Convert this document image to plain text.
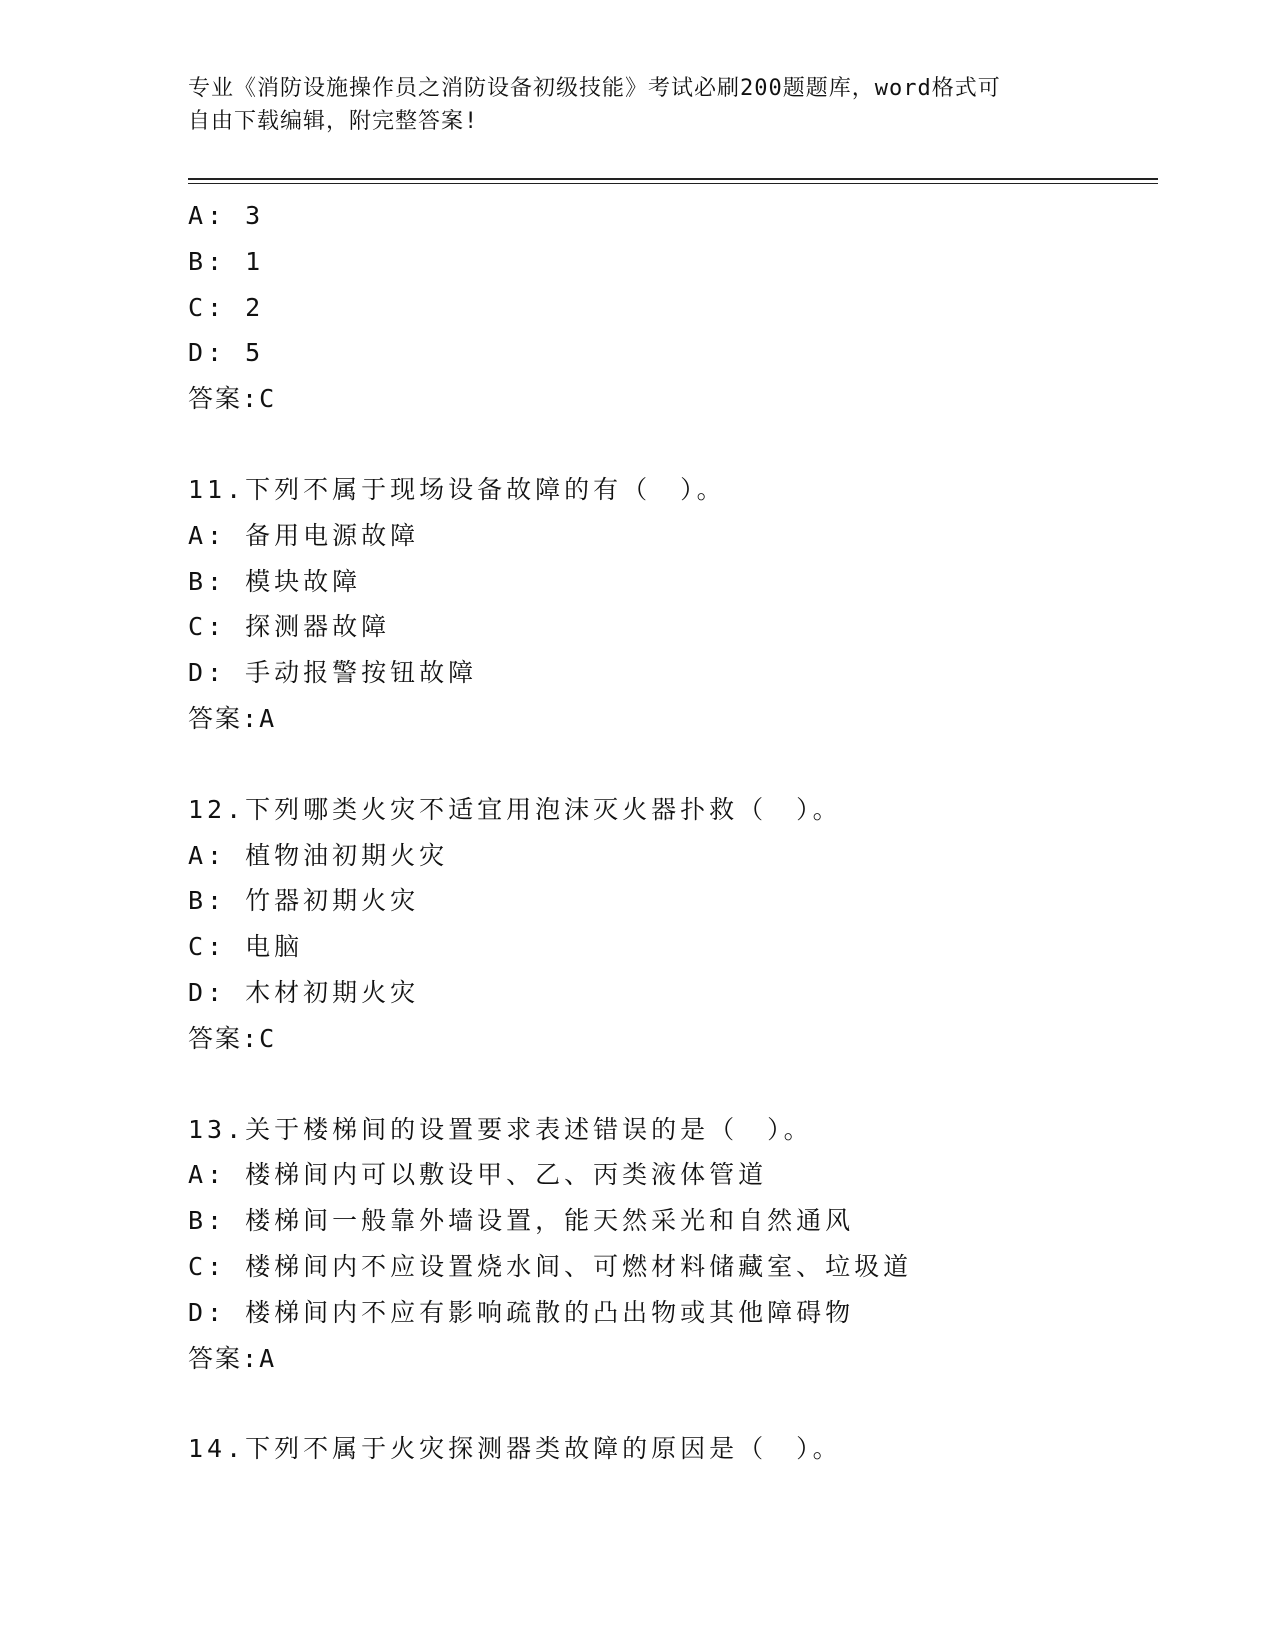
专业《消防设施操作员之消防设备初级技能》考试必刷200题题库，word格式可
自由下载编辑，附完整答案!
A: 3
B: 1
C: 2
D: 5
答案:C
11.下列不属于现场设备故障的有（　）。
A: 备用电源故障
B: 模块故障
C: 探测器故障
D: 手动报警按钮故障
答案:A
12.下列哪类火灾不适宜用泡沫灭火器扑救（　）。
A: 植物油初期火灾
B: 竹器初期火灾
C: 电脑
D: 木材初期火灾
答案:C
13.关于楼梯间的设置要求表述错误的是（　）。
A: 楼梯间内可以敷设甲、乙、丙类液体管道
B: 楼梯间一般靠外墙设置，能天然采光和自然通风
C: 楼梯间内不应设置烧水间、可燃材料储藏室、垃圾道
D: 楼梯间内不应有影响疏散的凸出物或其他障碍物
答案:A
14.下列不属于火灾探测器类故障的原因是（　）。
